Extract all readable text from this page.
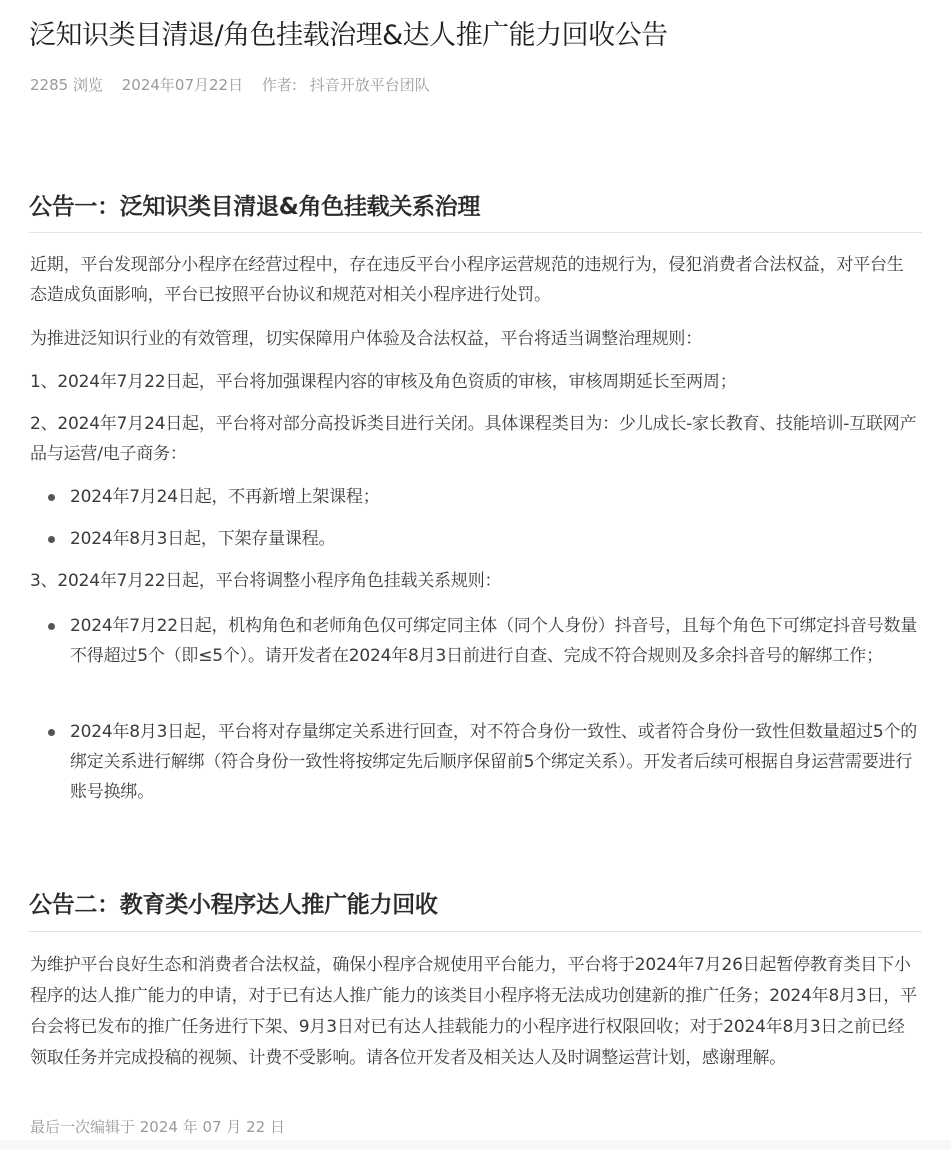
泛知识类目清退/角色挂载治理&达人推广能力回收公告
2285 浏览 2024年07月22日 作者: 抖音开放平台团队
公告一：泛知识类目清退&角色挂载关系治理

近期，平台发现部分小程序在经营过程中，存在违反平台小程序运营规范的违规行为，侵犯消费者合法权益，对平台生态造成负面影响，平台已按照平台协议和规范对相关小程序进行处罚。

为推进泛知识行业的有效管理，切实保障用户体验及合法权益，平台将适当调整治理规则：

1、2024年7月22日起，平台将加强课程内容的审核及角色资质的审核，审核周期延长至两周；

2、2024年7月24日起，平台将对部分高投诉类目进行关闭。具体课程类目为：少儿成长-家长教育、技能培训-互联网产品与运营/电子商务：

2024年7月24日起，不再新增上架课程；

2024年8月3日起，下架存量课程。

3、2024年7月22日起，平台将调整小程序角色挂载关系规则：

2024年7月22日起，机构角色和老师角色仅可绑定同主体（同个人身份）抖音号，且每个角色下可绑定抖音号数量不得超过5个（即≤5个）。请开发者在2024年8月3日前进行自查、完成不符合规则及多余抖音号的解绑工作；

2024年8月3日起，平台将对存量绑定关系进行回查，对不符合身份一致性、或者符合身份一致性但数量超过5个的绑定关系进行解绑（符合身份一致性将按绑定先后顺序保留前5个绑定关系）。开发者后续可根据自身运营需要进行账号换绑。

公告二：教育类小程序达人推广能力回收

为维护平台良好生态和消费者合法权益，确保小程序合规使用平台能力，平台将于2024年7月26日起暂停教育类目下小程序的达人推广能力的申请，对于已有达人推广能力的该类目小程序将无法成功创建新的推广任务；2024年8月3日，平台会将已发布的推广任务进行下架、9月3日对已有达人挂载能力的小程序进行权限回收；对于2024年8月3日之前已经领取任务并完成投稿的视频、计费不受影响。请各位开发者及相关达人及时调整运营计划，感谢理解。

最后一次编辑于 2024 年 07 月 22 日
